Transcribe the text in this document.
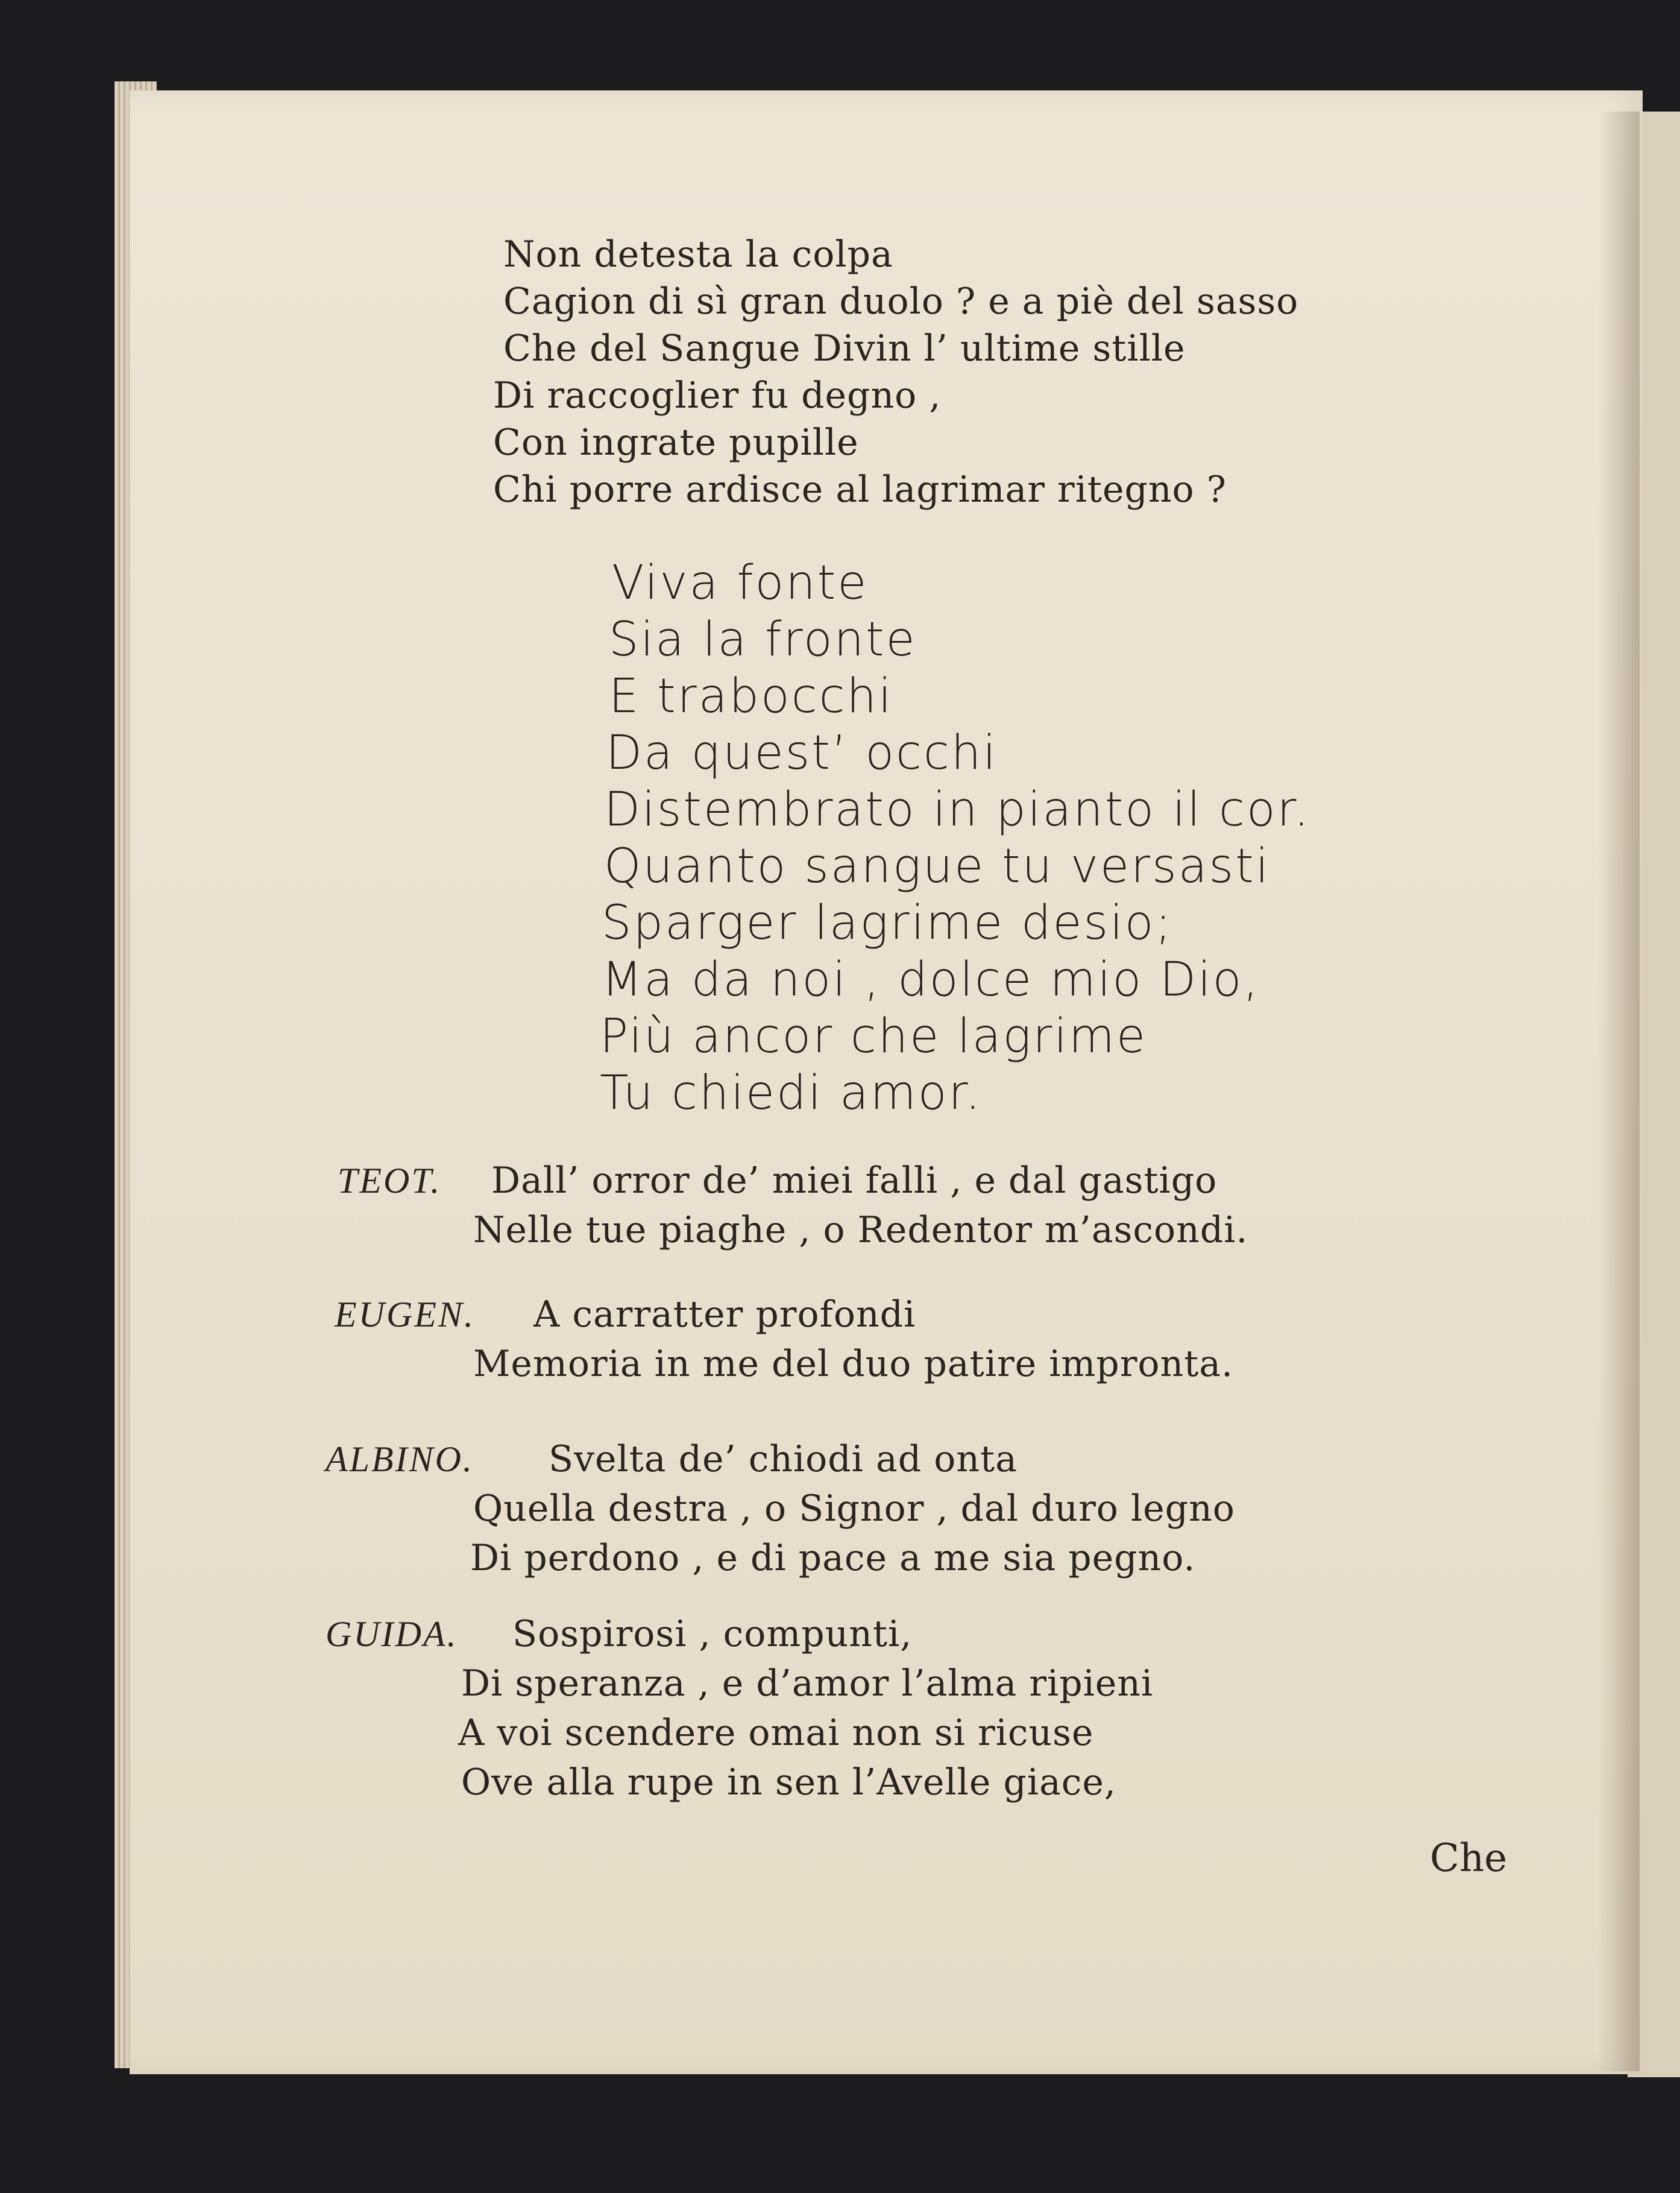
Non detesta la colpa
Cagion di sì gran duolo ? e a piè del sasso
Che del Sangue Divin l’ ultime stille
Di raccoglier fu degno ,
Con ingrate pupille
Chi porre ardisce al lagrimar ritegno ?
Viva fonte
Sia la fronte
E trabocchi
Da quest’ occhi
Distembrato in pianto il cor.
Quanto sangue tu versasti
Sparger lagrime desio;
Ma da noi , dolce mio Dio,
Più ancor che lagrime
Tu chiedi amor.
TEOT. Dall’ orror de’ miei falli , e dal gastigo
Nelle tue piaghe , o Redentor m’ascondi.
EUGEN. A carratter profondi
Memoria in me del duo patire impronta.
ALBINO. Svelta de’ chiodi ad onta
Quella destra , o Signor , dal duro legno
Di perdono , e di pace a me sia pegno.
GUIDA. Sospirosi , compunti,
Di speranza , e d’amor l’alma ripieni
A voi scendere omai non si ricuse
Ove alla rupe in sen l’Avelle giace,
Che
